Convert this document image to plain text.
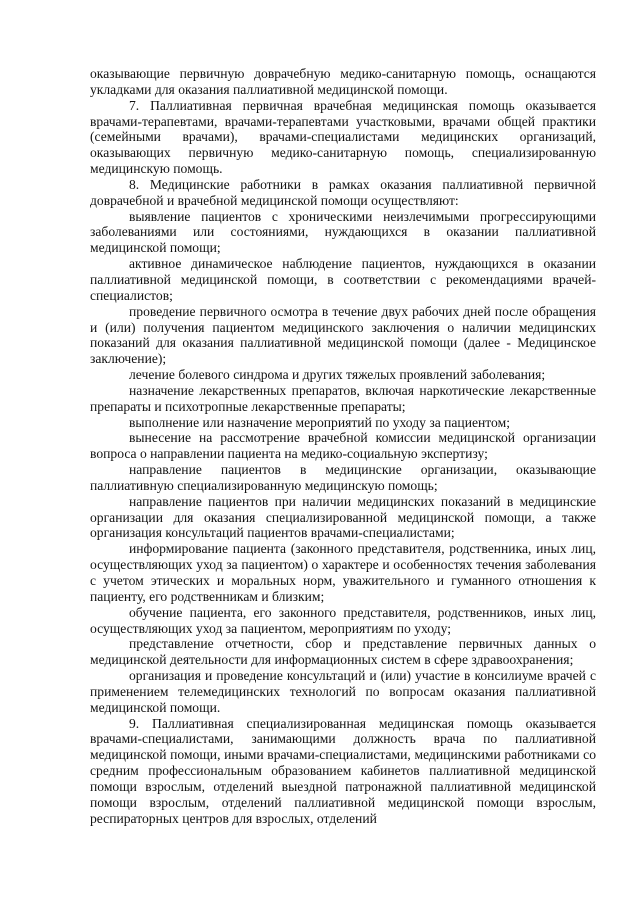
оказывающие первичную доврачебную медико-санитарную помощь, оснащаются укладками для оказания паллиативной медицинской помощи.

7. Паллиативная первичная врачебная медицинская помощь оказывается врачами-терапевтами, врачами-терапевтами участковыми, врачами общей практики (семейными врачами), врачами-специалистами медицинских организаций, оказывающих первичную медико-санитарную помощь, специализированную медицинскую помощь.

8. Медицинские работники в рамках оказания паллиативной первичной доврачебной и врачебной медицинской помощи осуществляют:

выявление пациентов с хроническими неизлечимыми прогрессирующими заболеваниями или состояниями, нуждающихся в оказании паллиативной медицинской помощи;

активное динамическое наблюдение пациентов, нуждающихся в оказании паллиативной медицинской помощи, в соответствии с рекомендациями врачей-специалистов;

проведение первичного осмотра в течение двух рабочих дней после обращения и (или) получения пациентом медицинского заключения о наличии медицинских показаний для оказания паллиативной медицинской помощи (далее - Медицинское заключение);

лечение болевого синдрома и других тяжелых проявлений заболевания;

назначение лекарственных препаратов, включая наркотические лекарственные препараты и психотропные лекарственные препараты;

выполнение или назначение мероприятий по уходу за пациентом;

вынесение на рассмотрение врачебной комиссии медицинской организации вопроса о направлении пациента на медико-социальную экспертизу;

направление пациентов в медицинские организации, оказывающие паллиативную специализированную медицинскую помощь;

направление пациентов при наличии медицинских показаний в медицинские организации для оказания специализированной медицинской помощи, а также организация консультаций пациентов врачами-специалистами;

информирование пациента (законного представителя, родственника, иных лиц, осуществляющих уход за пациентом) о характере и особенностях течения заболевания с учетом этических и моральных норм, уважительного и гуманного отношения к пациенту, его родственникам и близким;

обучение пациента, его законного представителя, родственников, иных лиц, осуществляющих уход за пациентом, мероприятиям по уходу;

представление отчетности, сбор и представление первичных данных о медицинской деятельности для информационных систем в сфере здравоохранения;

организация и проведение консультаций и (или) участие в консилиуме врачей с применением телемедицинских технологий по вопросам оказания паллиативной медицинской помощи.

9. Паллиативная специализированная медицинская помощь оказывается врачами-специалистами, занимающими должность врача по паллиативной медицинской помощи, иными врачами-специалистами, медицинскими работниками со средним профессиональным образованием кабинетов паллиативной медицинской помощи взрослым, отделений выездной патронажной паллиативной медицинской помощи взрослым, отделений паллиативной медицинской помощи взрослым, респираторных центров для взрослых, отделений
